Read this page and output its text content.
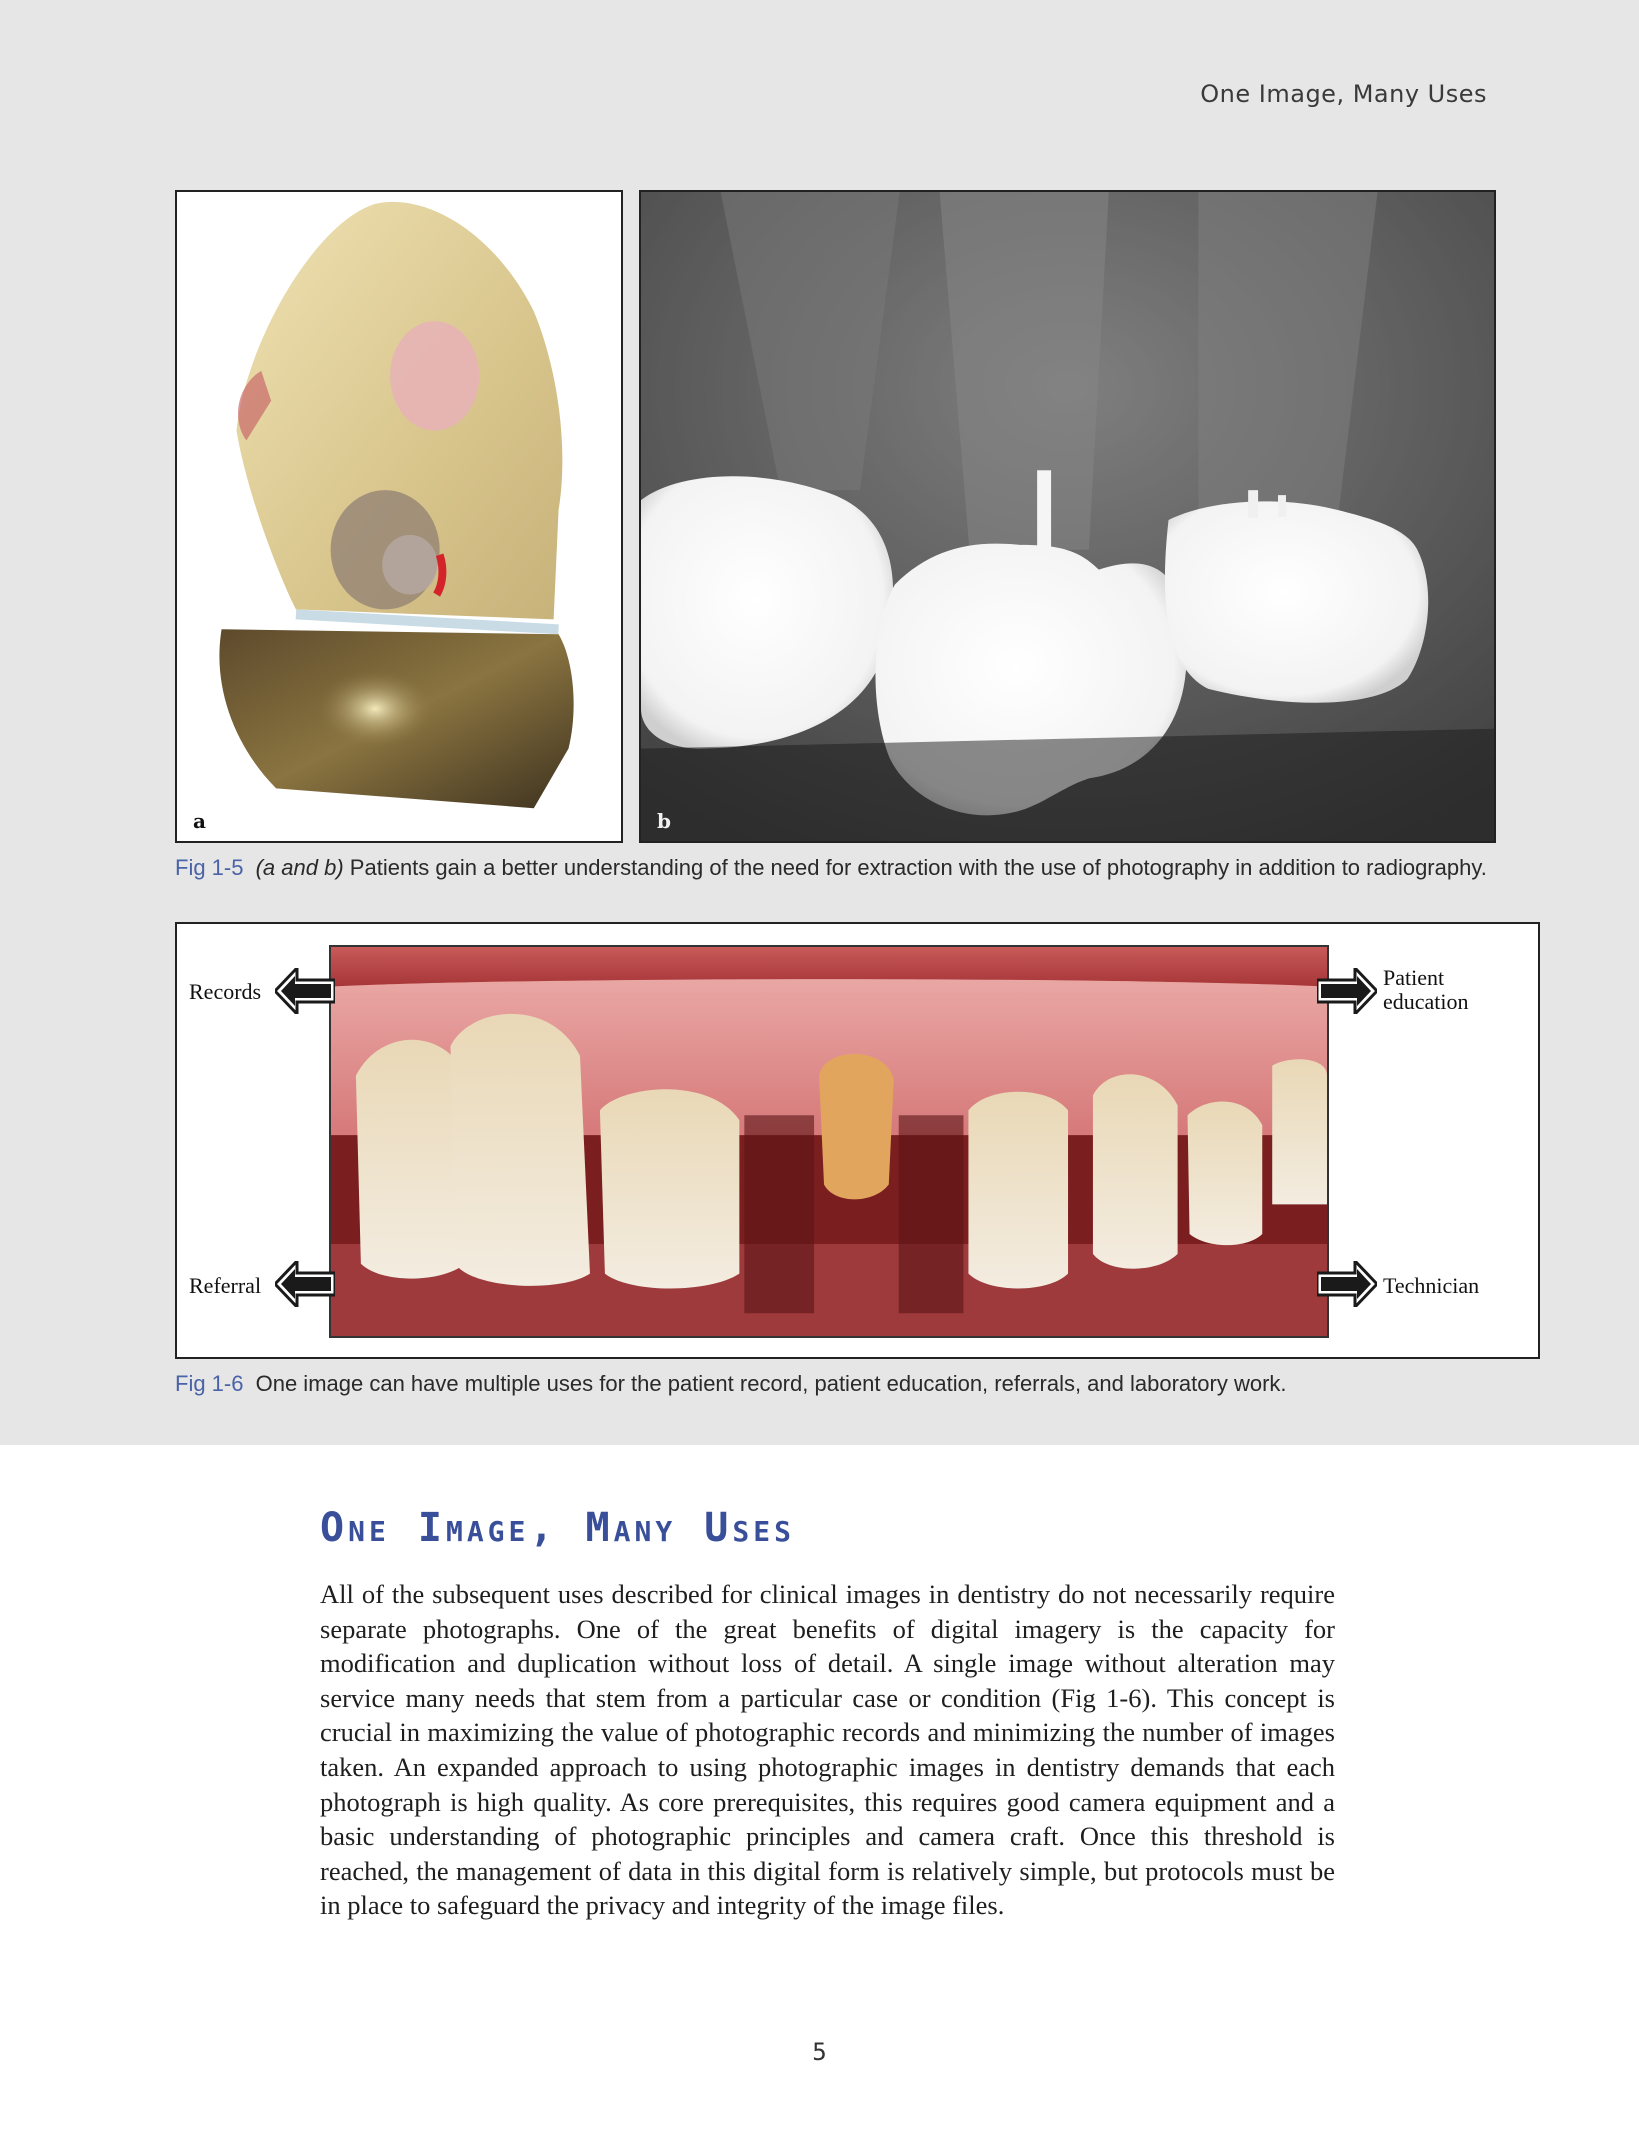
One Image, Many Uses
a	b
Fig 1-5 (a and b) Patients gain a better understanding of the need for extraction with the use of photography in addition to radiography.
Records
Referral
Patient education
Technician
Fig 1-6 One image can have multiple uses for the patient record, patient education, referrals, and laboratory work.
One Image, Many Uses

All of the subsequent uses described for clinical images in dentistry do not necessarily require separate photographs. One of the great benefits of digital imagery is the capacity for modification and duplication without loss of detail. A single image without alteration may service many needs that stem from a particular case or condition (Fig 1-6). This concept is crucial in maximizing the value of photographic records and minimizing the number of images taken. An expanded approach to using photographic images in dentistry demands that each photograph is high quality. As core prerequisites, this requires good camera equipment and a basic understanding of photographic principles and camera craft. Once this threshold is reached, the management of data in this digital form is relatively simple, but protocols must be in place to safeguard the privacy and integrity of the image files.

5
